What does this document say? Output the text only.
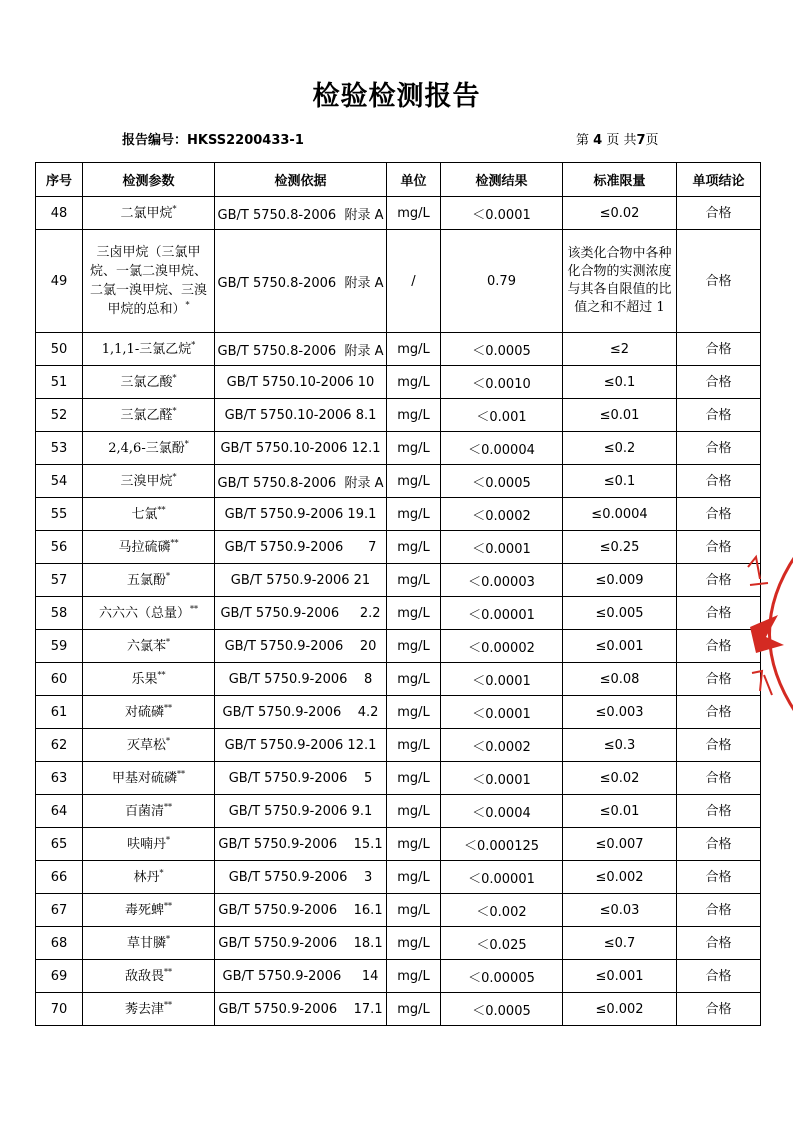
检验检测报告
报告编号：HKSS2200433-1	第 4 页 共7页
序号	检测参数	检测依据	单位	检测结果	标准限量	单项结论
48	二氯甲烷*	GB/T 5750.8-2006  附录 A	mg/L	＜0.0001	≤0.02	合格
49	三卤甲烷（三氯甲烷、一氯二溴甲烷、二氯一溴甲烷、三溴甲烷的总和）*	GB/T 5750.8-2006  附录 A	/	0.79	该类化合物中各种化合物的实测浓度与其各自限值的比值之和不超过 1	合格
50	1,1,1-三氯乙烷*	GB/T 5750.8-2006  附录 A	mg/L	＜0.0005	≤2	合格
51	三氯乙酸*	GB/T 5750.10-2006 10	mg/L	＜0.0010	≤0.1	合格
52	三氯乙醛*	GB/T 5750.10-2006 8.1	mg/L	＜0.001	≤0.01	合格
53	2,4,6-三氯酚*	GB/T 5750.10-2006 12.1	mg/L	＜0.00004	≤0.2	合格
54	三溴甲烷*	GB/T 5750.8-2006  附录 A	mg/L	＜0.0005	≤0.1	合格
55	七氯**	GB/T 5750.9-2006 19.1	mg/L	＜0.0002	≤0.0004	合格
56	马拉硫磷**	GB/T 5750.9-2006      7	mg/L	＜0.0001	≤0.25	合格
57	五氯酚*	GB/T 5750.9-2006 21	mg/L	＜0.00003	≤0.009	合格
58	六六六（总量）**	GB/T 5750.9-2006     2.2	mg/L	＜0.00001	≤0.005	合格
59	六氯苯*	GB/T 5750.9-2006    20	mg/L	＜0.00002	≤0.001	合格
60	乐果**	GB/T 5750.9-2006    8	mg/L	＜0.0001	≤0.08	合格
61	对硫磷**	GB/T 5750.9-2006    4.2	mg/L	＜0.0001	≤0.003	合格
62	灭草松*	GB/T 5750.9-2006 12.1	mg/L	＜0.0002	≤0.3	合格
63	甲基对硫磷**	GB/T 5750.9-2006    5	mg/L	＜0.0001	≤0.02	合格
64	百菌清**	GB/T 5750.9-2006 9.1	mg/L	＜0.0004	≤0.01	合格
65	呋喃丹*	GB/T 5750.9-2006    15.1	mg/L	＜0.000125	≤0.007	合格
66	林丹*	GB/T 5750.9-2006    3	mg/L	＜0.00001	≤0.002	合格
67	毒死蜱**	GB/T 5750.9-2006    16.1	mg/L	＜0.002	≤0.03	合格
68	草甘膦*	GB/T 5750.9-2006    18.1	mg/L	＜0.025	≤0.7	合格
69	敌敌畏**	GB/T 5750.9-2006     14	mg/L	＜0.00005	≤0.001	合格
70	莠去津**	GB/T 5750.9-2006    17.1	mg/L	＜0.0005	≤0.002	合格
